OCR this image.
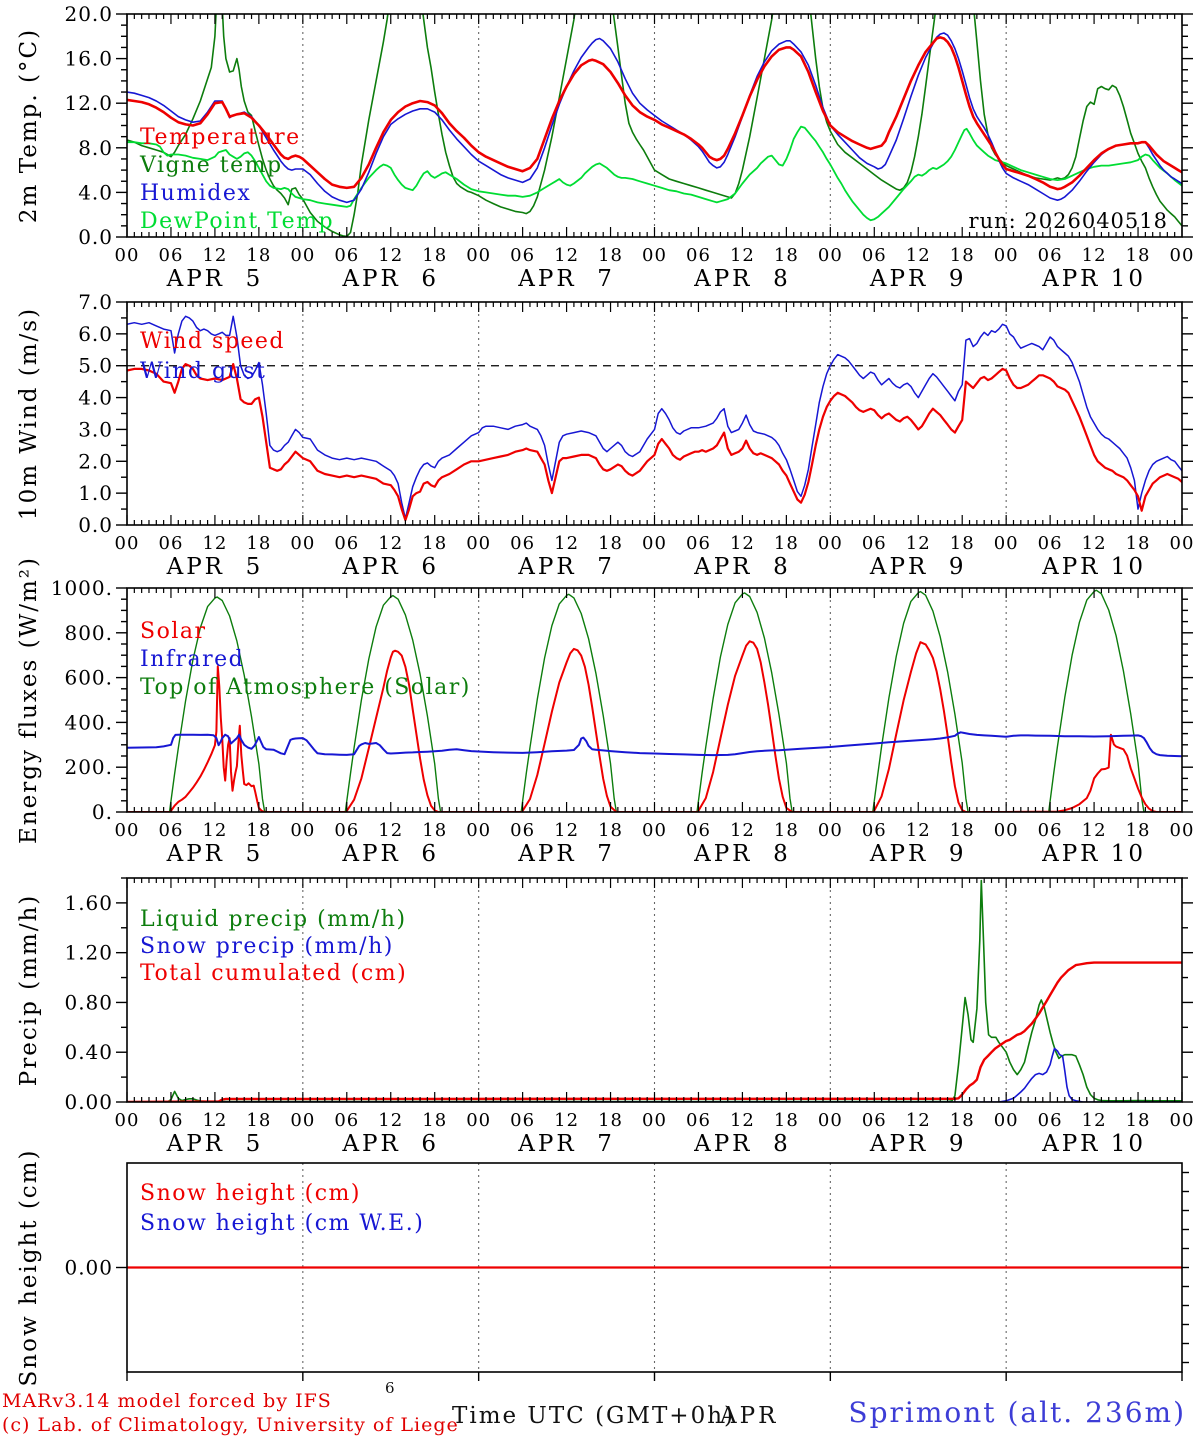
0.0
4.0
8.0
12.0
16.0
20.0
00 06 12 18 00 06 12 18 00 06 12 18 00 06 12 18 00 06 12 18 00 06 12 18 00
APR  5	APR  6	APR  7	APR  8	APR  9	APR 10
2m Temp. (°C)	Temperature
Vigne temp
Humidex
DewPoint Temp	run: 2026040518
0.0
1.0
2.0
3.0
4.0
5.0
6.0
7.0
00 06 12 18 00 06 12 18 00 06 12 18 00 06 12 18 00 06 12 18 00 06 12 18 00
APR  5	APR  6	APR  7	APR  8	APR  9	APR 10
10m Wind (m/s)	Wind speed
Wind gust
0.
200.
400.
600.
800.
1000.
00 06 12 18 00 06 12 18 00 06 12 18 00 06 12 18 00 06 12 18 00 06 12 18 00
APR  5	APR  6	APR  7	APR  8	APR  9	APR 10
Energy fluxes (W/m²)	Solar
Infrared
Top of Atmosphere (Solar)
0.00
0.40
0.80
1.20
1.60
00 06 12 18 00 06 12 18 00 06 12 18 00 06 12 18 00 06 12 18 00 06 12 18 00
APR  5	APR  6	APR  7	APR  8	APR  9	APR 10
Precip (mm/h)	Liquid precip (mm/h)
Snow precip (mm/h)
Total cumulated (cm)
0.00
Snow height (cm)	Snow height (cm)
Snow height (cm W.E.)
MARv3.14 model forced by IFS
(c) Lab. of Climatology, University of Liege
Time UTC (GMT+0h)
APR	Sprimont (alt. 236m)
6
